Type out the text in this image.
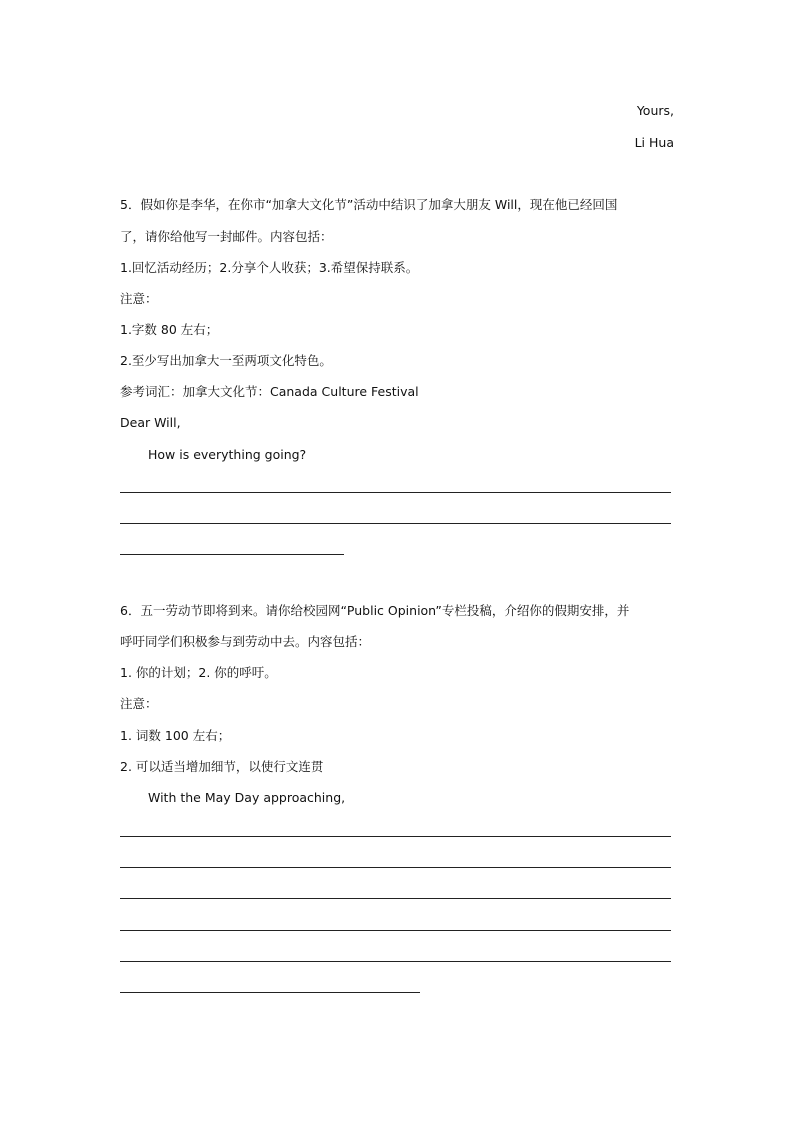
Yours,
Li Hua
5．假如你是李华，在你市“加拿大文化节”活动中结识了加拿大朋友 Will，现在他已经回国
了，请你给他写一封邮件。内容包括：
1.回忆活动经历；2.分享个人收获；3.希望保持联系。
注意：
1.字数 80 左右；
2.至少写出加拿大一至两项文化特色。
参考词汇：加拿大文化节：Canada Culture Festival
Dear Will,
How is everything going?
6．五一劳动节即将到来。请你给校园网“Public Opinion”专栏投稿，介绍你的假期安排，并
呼吁同学们积极参与到劳动中去。内容包括：
1. 你的计划；2. 你的呼吁。
注意：
1. 词数 100 左右；
2. 可以适当增加细节，以使行文连贯
With the May Day approaching,
